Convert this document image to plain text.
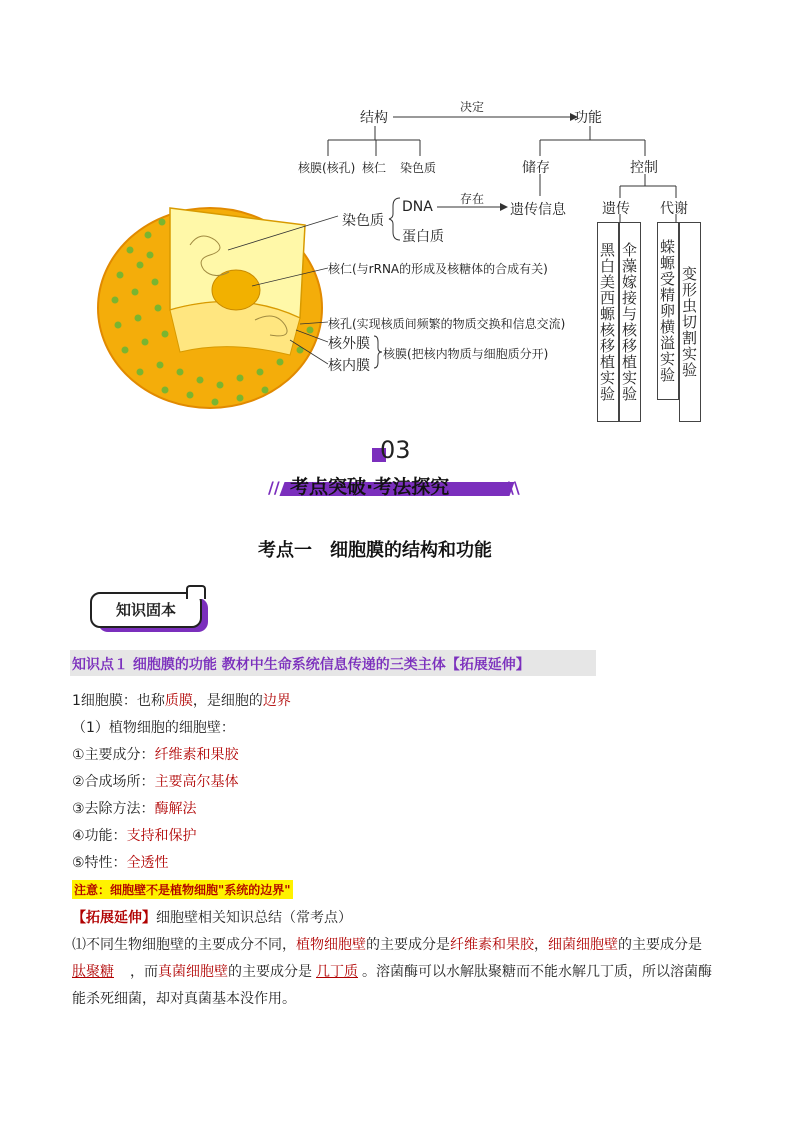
结构
决定
功能
核膜(核孔) 核仁 染色质	储存	控制
遗传 代谢
染色质
DNA
蛋白质
存在
遗传信息
核仁(与rRNA的形成及核糖体的合成有关)
核孔(实现核质间频繁的物质交换和信息交流)
核外膜
核内膜
核膜(把核内物质与细胞质分开)	黑白美西螈核移植实验 伞藻嫁接与核移植实验 蝾螈受精卵横溢实验 变形虫切割实验
03
//	\\
考点突破·考法探究
考点一　细胞膜的结构和功能
知识固本
知识点１ 细胞膜的功能 教材中生命系统信息传递的三类主体【拓展延伸】
1细胞膜：也称质膜，是细胞的边界
（1）植物细胞的细胞壁：
①主要成分：纤维素和果胶
②合成场所：主要高尔基体
③去除方法：酶解法
④功能：支持和保护
⑤特性：全透性
注意：细胞壁不是植物细胞"系统的边界"
【拓展延伸】细胞壁相关知识总结（常考点）
⑴不同生物细胞壁的主要成分不同，植物细胞壁的主要成分是纤维素和果胶，细菌细胞壁的主要成分是
肽聚糖 ，而真菌细胞壁的主要成分是 几丁质 。溶菌酶可以水解肽聚糖而不能水解几丁质，所以溶菌酶
能杀死细菌，却对真菌基本没作用。
